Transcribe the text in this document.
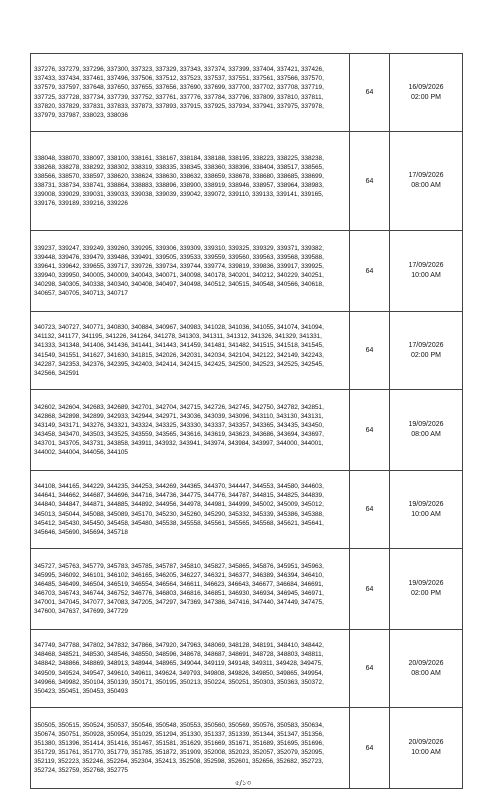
337276, 337279, 337296, 337300, 337323, 337329, 337343, 337374, 337399, 337404, 337421, 337426, 337433, 337434, 337461, 337496, 337506, 337512, 337523, 337537, 337551, 337561, 337566, 337570, 337579, 337597, 337648, 337650, 337655, 337656, 337690, 337699, 337700, 337702, 337708, 337719, 337725, 337728, 337734, 337739, 337752, 337761, 337776, 337784, 337796, 337809, 337810, 337811, 337820, 337829, 337831, 337833, 337873, 337893, 337915, 337925, 337934, 337941, 337975, 337978, 337979, 337987, 338023, 338036	64	16/09/2026
02:00 PM
338048, 338070, 338097, 338100, 338161, 338167, 338184, 338188, 338195, 338223, 338225, 338238, 338268, 338278, 338292, 338302, 338319, 338335, 338345, 338360, 338396, 338404, 338517, 338565, 338566, 338570, 338597, 338620, 338624, 338630, 338632, 338659, 338678, 338680, 338685, 338699, 338731, 338734, 338741, 338864, 338883, 338896, 338900, 338919, 338946, 338957, 338964, 338983, 339008, 339029, 339031, 339033, 339038, 339039, 339042, 339072, 339110, 339133, 339141, 339165, 339176, 339189, 339216, 339226	64	17/09/2026
08:00 AM
339237, 339247, 339249, 339260, 339295, 339306, 339309, 339310, 339325, 339329, 339371, 339382, 339448, 339476, 339479, 339486, 339491, 339505, 339533, 339559, 339560, 339563, 339568, 339588, 339641, 339642, 339655, 339717, 339726, 339734, 339744, 339774, 339819, 339836, 339917, 339925, 339940, 339950, 340005, 340009, 340043, 340071, 340098, 340178, 340201, 340212, 340229, 340251, 340298, 340305, 340338, 340340, 340408, 340497, 340498, 340512, 340515, 340548, 340566, 340618, 340657, 340705, 340713, 340717	64	17/09/2026
10:00 AM
340723, 340727, 340771, 340830, 340884, 340967, 340983, 341028, 341036, 341055, 341074, 341094, 341132, 341177, 341195, 341226, 341264, 341278, 341303, 341311, 341312, 341326, 341329, 341331, 341333, 341348, 341406, 341436, 341441, 341443, 341459, 341481, 341482, 341515, 341518, 341545, 341549, 341551, 341627, 341630, 341815, 342026, 342031, 342034, 342104, 342122, 342149, 342243, 342287, 342353, 342376, 342395, 342403, 342414, 342415, 342425, 342500, 342523, 342525, 342545, 342566, 342591	64	17/09/2026
02:00 PM
342602, 342604, 342683, 342689, 342701, 342704, 342715, 342726, 342745, 342750, 342782, 342851, 342868, 342898, 342899, 342933, 342944, 342971, 343036, 343039, 343096, 343110, 343130, 343131, 343149, 343171, 343276, 343321, 343324, 343325, 343330, 343337, 343357, 343365, 343435, 343450, 343458, 343470, 343503, 343525, 343559, 343565, 343616, 343619, 343623, 343686, 343694, 343697, 343701, 343705, 343731, 343858, 343911, 343932, 343941, 343974, 343984, 343997, 344000, 344001, 344002, 344004, 344056, 344105	64	19/09/2026
08:00 AM
344108, 344165, 344229, 344235, 344253, 344269, 344365, 344370, 344447, 344553, 344580, 344603, 344641, 344662, 344687, 344696, 344716, 344736, 344775, 344776, 344787, 344815, 344825, 344839, 344840, 344847, 344871, 344885, 344892, 344956, 344978, 344981, 344999, 345002, 345009, 345012, 345013, 345044, 345088, 345089, 345170, 345230, 345260, 345290, 345332, 345339, 345386, 345388, 345412, 345430, 345450, 345458, 345480, 345538, 345558, 345561, 345565, 345568, 345621, 345641, 345646, 345690, 345694, 345718	64	19/09/2026
10:00 AM
345727, 345763, 345779, 345783, 345785, 345787, 345810, 345827, 345865, 345876, 345951, 345963, 345995, 346092, 346101, 346102, 346165, 346205, 346227, 346321, 346377, 346389, 346394, 346410, 346485, 346499, 346504, 346519, 346554, 346564, 346611, 346623, 346643, 346677, 346684, 346691, 346703, 346743, 346744, 346752, 346776, 346803, 346816, 346851, 346930, 346934, 346945, 346971, 347001, 347045, 347077, 347083, 347205, 347297, 347369, 347386, 347416, 347440, 347449, 347475, 347600, 347637, 347699, 347729	64	19/09/2026
02:00 PM
347749, 347788, 347802, 347832, 347866, 347920, 347963, 348069, 348128, 348191, 348410, 348442, 348468, 348521, 348530, 348546, 348550, 348596, 348678, 348687, 348691, 348728, 348803, 348811, 348842, 348866, 348869, 348913, 348944, 348965, 349044, 349119, 349148, 349311, 349428, 349475, 349509, 349524, 349547, 349610, 349611, 349624, 349793, 349808, 349826, 349850, 349865, 349954, 349966, 349982, 350104, 350139, 350171, 350195, 350213, 350224, 350251, 350303, 350363, 350372, 350423, 350451, 350453, 350493	64	20/09/2026
08:00 AM
350505, 350515, 350524, 350537, 350546, 350548, 350553, 350560, 350569, 350576, 350583, 350634, 350674, 350751, 350928, 350954, 351029, 351294, 351330, 351337, 351339, 351344, 351347, 351356, 351380, 351396, 351414, 351416, 351467, 351581, 351629, 351669, 351671, 351689, 351695, 351696, 351729, 351761, 351770, 351779, 351785, 351872, 351909, 352008, 352023, 352057, 352079, 352095, 352119, 352223, 352246, 352264, 352304, 352413, 352508, 352598, 352601, 352656, 352682, 352723, 352724, 352759, 352768, 352775	64	20/09/2026
10:00 AM
৫/১৩
